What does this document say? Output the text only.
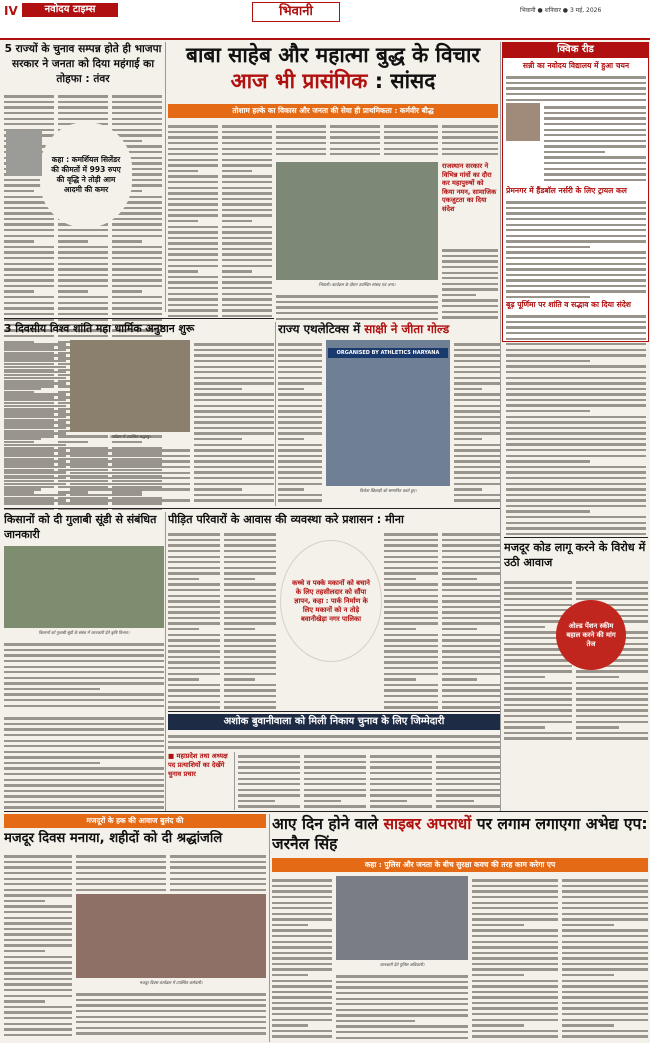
IV	नवोदय टाइम्स	भिवानी	भिवानी ● शनिवार ● 3 मई, 2026
5 राज्यों के चुनाव सम्पन्न होते ही भाजपा सरकार ने जनता को दिया महंगाई का तोहफा : तंवर
कहा : कमर्शियल सिलेंडर की कीमतों में 993 रुपए की वृद्धि ने तोड़ी आम आदमी की कमर
बाबा साहेब और महात्मा बुद्ध के विचार आज भी प्रासंगिक : सांसद
तोशाम हल्के का विकास और जनता की सेवा ही प्राथमिकता : कर्मवीर बौद्ध
भिवानी। कार्यक्रम के दौरान उपस्थित सांसद एवं अन्य।
राजस्थान सरकार ने विभिन्न गांवों का दौरा कर महापुरुषों को किया नमन, सामाजिक एकजुटता का दिया संदेश
क्विक रीड
सन्नी का नवोदय विद्यालय में हुआ चयन
प्रेमनगर में हैंडबॉल नर्सरी के लिए ट्रायल कल
बूढ़ पूर्णिमा पर शांति व सद्भाव का दिया संदेश
3 दिवसीय विश्व शांति महा धार्मिक अनुष्ठान शुरू
कार्यक्रम में उपस्थित श्रद्धालु।
राज्य एथलेटिक्स में साक्षी ने जीता गोल्ड
ORGANISED BY ATHLETICS HARYANA
विजेता खिलाड़ी को सम्मानित करते हुए।
किसानों को दी गुलाबी सूंडी से संबंधित जानकारी
किसानों को गुलाबी सूंडी के संबंध में जानकारी देते कृषि विभाग।
पीड़ित परिवारों के आवास की व्यवस्था करे प्रशासन : मीना
कच्चे व पक्के मकानों को बचाने के लिए तहसीलदार को सौंपा ज्ञापन, कहा : पार्क निर्माण के लिए मकानों को न तोड़े बवानीखेड़ा नगर पालिका
मजदूर कोड लागू करने के विरोध में उठी आवाज
ओल्ड पेंशन स्कीम बहाल करने की मांग तेज
अशोक बुवानीवाला को मिली निकाय चुनाव के लिए जिम्मेदारी
■ महाप्रदेश तथा अध्यक्ष पद प्रत्याशियों का देखेंगे चुनाव प्रचार
मजदूरों के हक की आवाज बुलंद की
मजदूर दिवस मनाया, शहीदों को दी श्रद्धांजलि
मजदूर दिवस कार्यक्रम में उपस्थित कर्मचारी।
आए दिन होने वाले साइबर अपराधों पर लगाम लगाएगा अभेद्य एप: जरनैल सिंह
कहा : पुलिस और जनता के बीच सुरक्षा कवच की तरह काम करेगा एप
जानकारी देते पुलिस अधिकारी।
